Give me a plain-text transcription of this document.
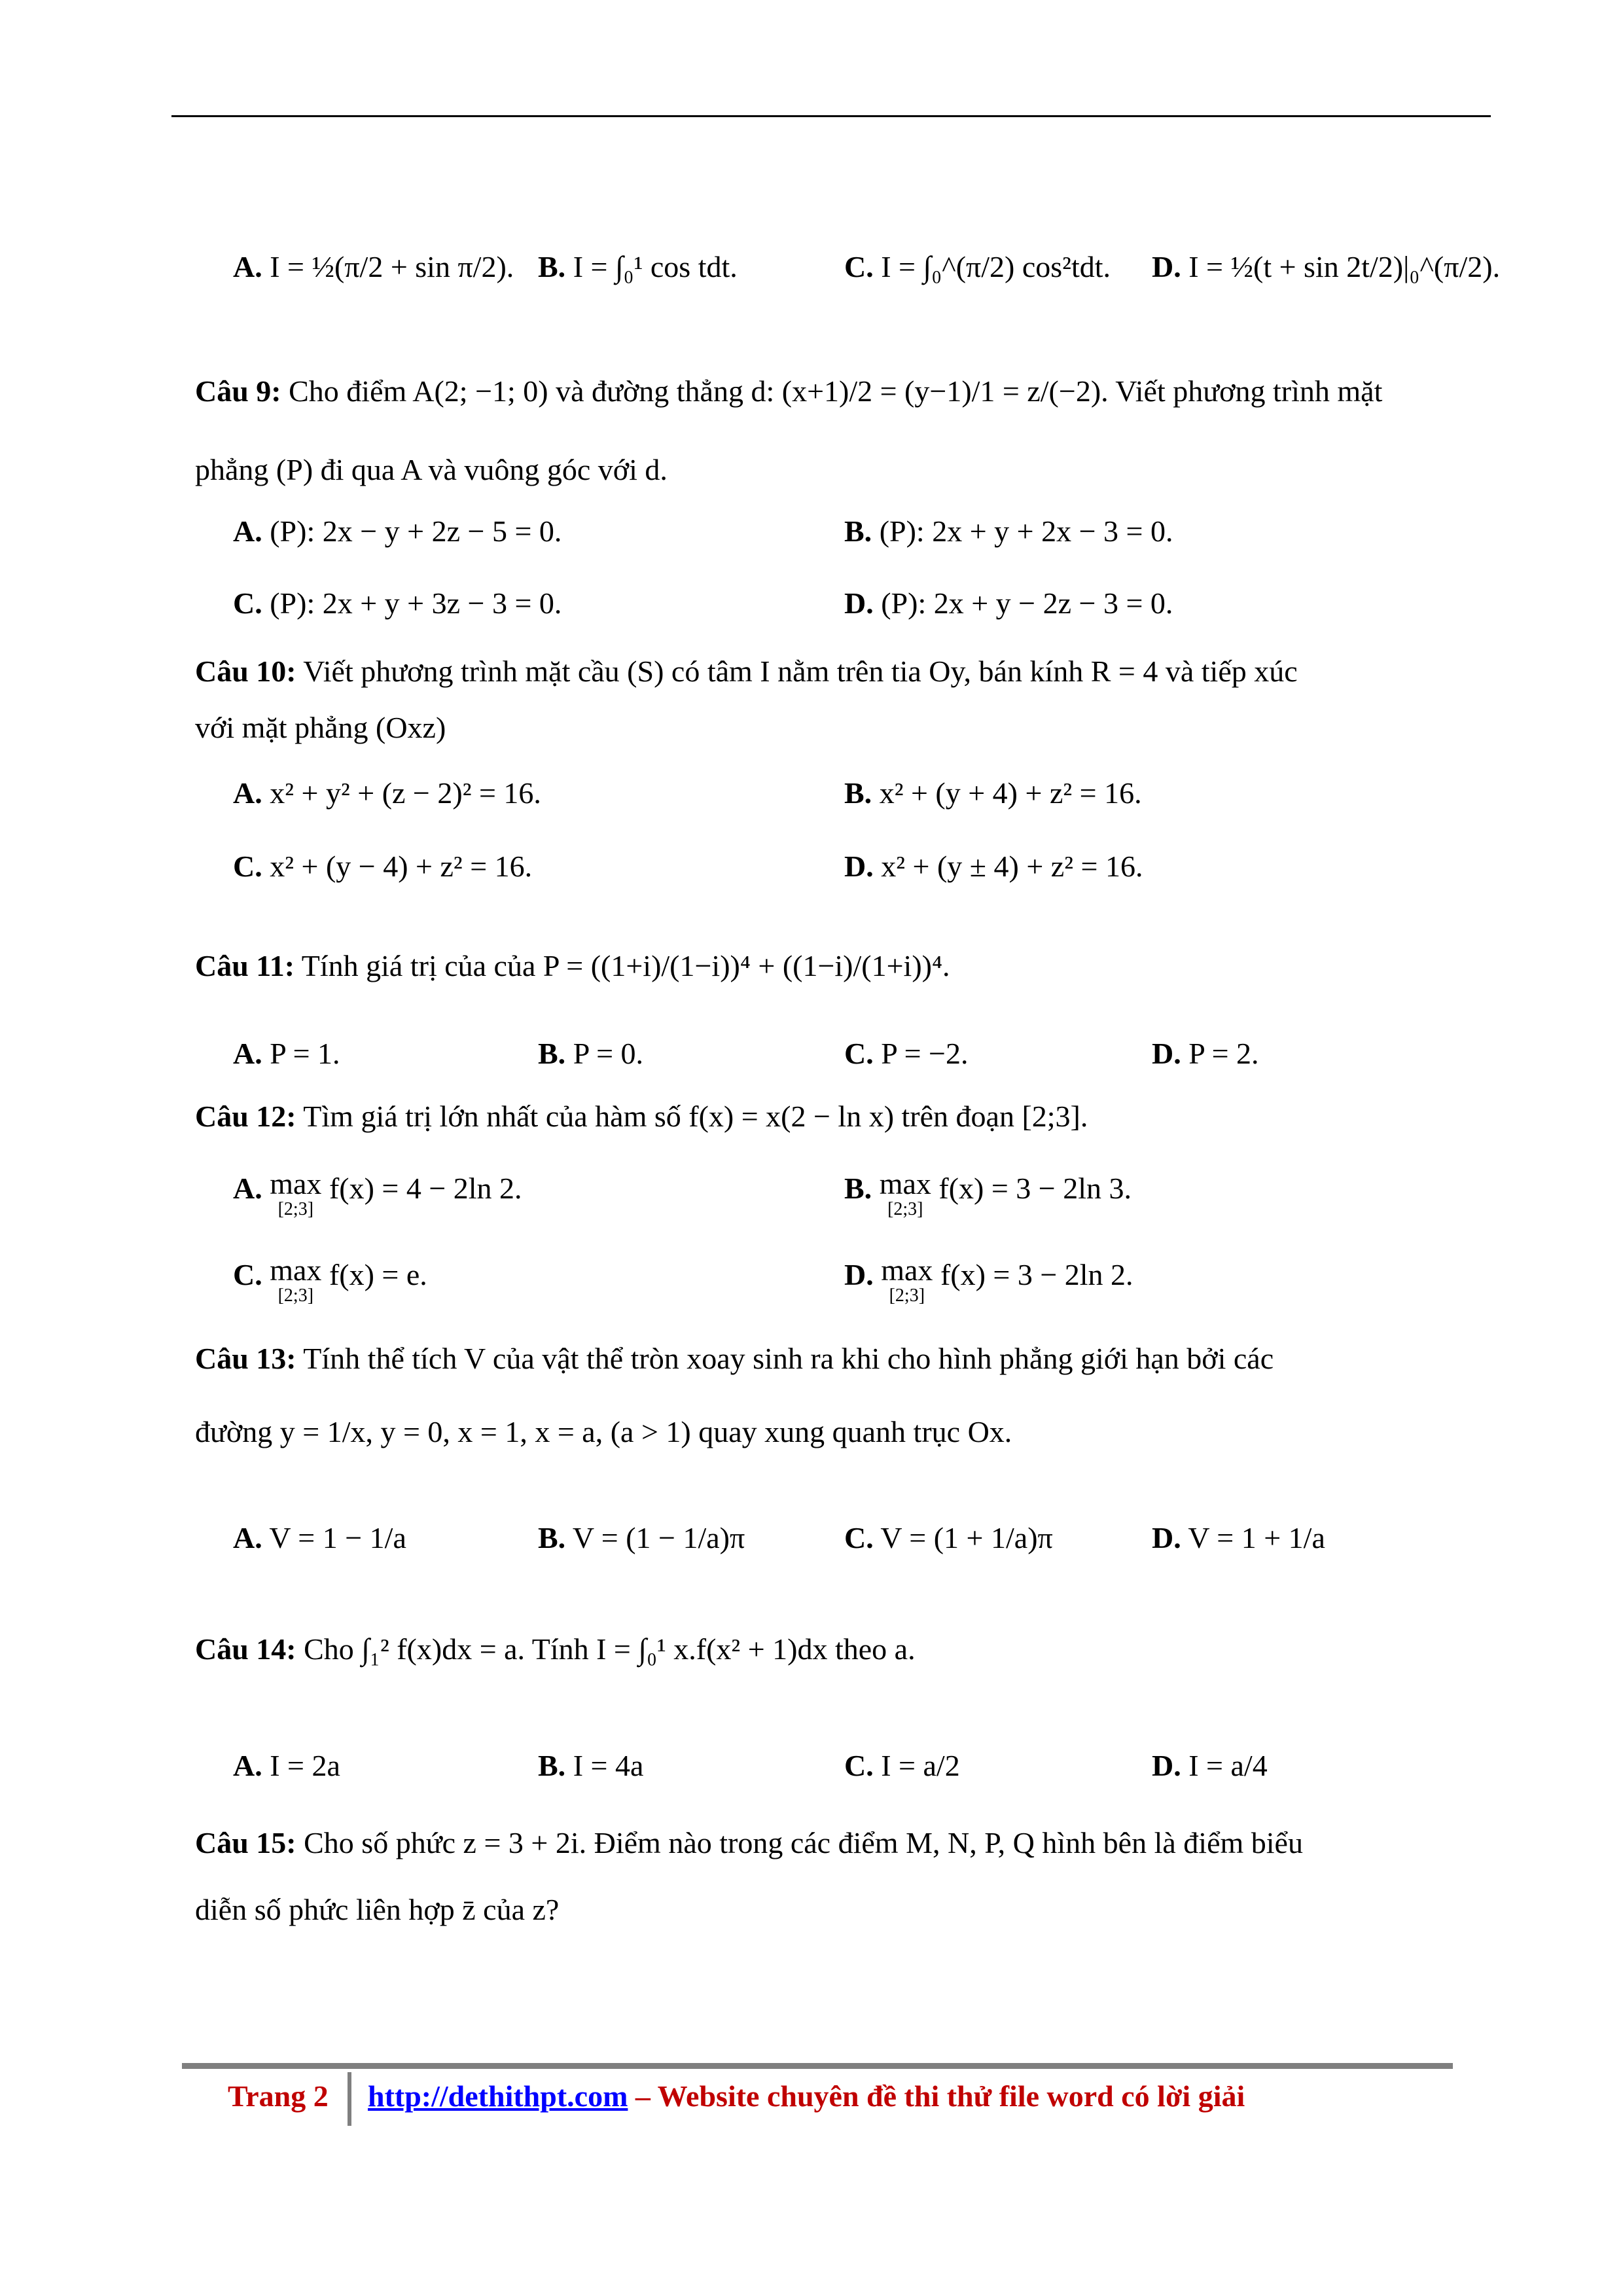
A. I = ½(π/2 + sin π/2). B. I = ∫₀¹ cos tdt.	C. I = ∫₀^(π/2) cos²tdt. D. I = ½(t + sin 2t/2)|₀^(π/2).
Câu 9: Cho điểm A(2; −1; 0) và đường thẳng d: (x+1)/2 = (y−1)/1 = z/(−2). Viết phương trình mặt
phẳng (P) đi qua A và vuông góc với d.
A. (P): 2x − y + 2z − 5 = 0.	B. (P): 2x + y + 2x − 3 = 0.
C. (P): 2x + y + 3z − 3 = 0.	D. (P): 2x + y − 2z − 3 = 0.
Câu 10: Viết phương trình mặt cầu (S) có tâm I nằm trên tia Oy, bán kính R = 4 và tiếp xúc
với mặt phẳng (Oxz)
A. x² + y² + (z − 2)² = 16.	B. x² + (y + 4) + z² = 16.
C. x² + (y − 4) + z² = 16.	D. x² + (y ± 4) + z² = 16.
Câu 11: Tính giá trị của của P = ((1+i)/(1−i))⁴ + ((1−i)/(1+i))⁴.
A. P = 1.	B. P = 0.	C. P = −2.	D. P = 2.
Câu 12: Tìm giá trị lớn nhất của hàm số f(x) = x(2 − ln x) trên đoạn [2;3].
A. max
[2;3]
f(x) = 4 − 2ln 2.	B. max
[2;3]
f(x) = 3 − 2ln 3.
C. max
[2;3]
f(x) = e.	D. max
[2;3]
f(x) = 3 − 2ln 2.
Câu 13: Tính thể tích V của vật thể tròn xoay sinh ra khi cho hình phẳng giới hạn bởi các
đường y = 1/x, y = 0, x = 1, x = a, (a > 1) quay xung quanh trục Ox.
A. V = 1 − 1/a	B. V = (1 − 1/a)π	C. V = (1 + 1/a)π	D. V = 1 + 1/a
Câu 14: Cho ∫₁² f(x)dx = a. Tính I = ∫₀¹ x.f(x² + 1)dx theo a.
A. I = 2a	B. I = 4a	C. I = a/2	D. I = a/4
Câu 15: Cho số phức z = 3 + 2i. Điểm nào trong các điểm M, N, P, Q hình bên là điểm biểu
diễn số phức liên hợp z̄ của z?
Trang 2 http://dethithpt.com – Website chuyên đề thi thử file word có lời giải
